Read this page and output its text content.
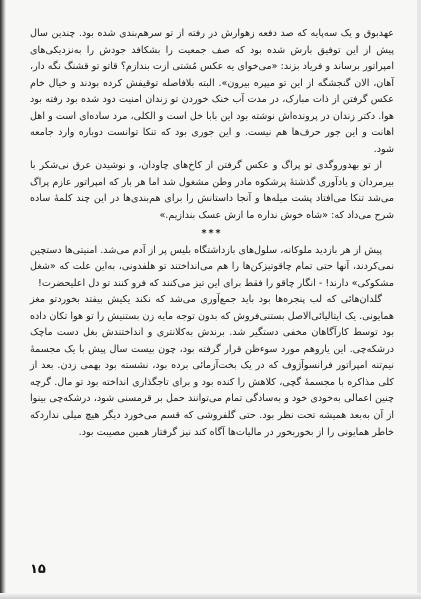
عهدبوق و یک سه‌پایه که صد دفعه زهوارش در رفته از تو سرهم‌بندی شده بود. چندین سال پیش از این توفیق بارش شده بود که صف جمعیت را بشکافد جودش را به‌نزدیکی‌های امپراتور برساند و فریاد بزند: «می‌خوای یه عکس مُشتی ازت بندازم؟ قاتو تو قشنگ نگه دار، آهان، الان گنجشگه از این تو میپره بیرون». البته بلافاصله توقیفش کرده بودند و خیال خام عکس گرفتن از ذات مبارک، در مدت آب خنک خوردن تو زندان امنیت دود شده بود رفته بود هوا. دکتر زندان در پرونده‌اش نوشته بود این بابا خل است و الکلی، مرد ساده‌ای است و اهل اهانت و این جور حرف‌ها هم نیست. و این جوری بود که تنکا توانست دوباره وارد جامعه شود.

از تو بهدوروگدی تو پراگ و عکس گرفتن از کاخ‌های چاودان، و نوشیدن عرق نی‌شکر با بیرمردان و یادآوری گذشتهٔ پرشکوه مادر وطن مشغول شد اما هر بار که امپراتور عازم پراگ می‌شد تنکا می‌افتاد پشت میله‌ها و آنجا داستانش را برای هم‌بندی‌ها در این چند کلمهٔ ساده شرح می‌داد که: «شاه خوش نداره ما ازش عسک بندازیم.»

***

پیش از هر بازدید ملوکانه، سلول‌های بازداشتگاه بلیس پر از آدم می‌شد. امنیتی‌ها دستچین نمی‌کردند، آنها حتی تمام چاقوتیزکن‌ها را هم می‌انداختند تو هلفدونی، به‌این علت که «شغل مشکوکی» دارند! - انگار چاقو را فقط برای این تیز می‌کنند که فرو کنند تو دل اعلیحضرت!

گلدان‌هائی که لب پنجره‌ها بود باید جمع‌آوری می‌شد که نکند یکیش بیفتد بخوردتو مغز همایونی. یک ایتالیائی‌الاصل بستنی‌فروش که بدون توجه مایه زن بستنیش را تو هوا تکان داده بود توسط کارآگاهان مخفی دستگیر شد. برندش به‌کلانتری و انداختندش بغل دست ماچک درشکه‌چی. این یاروهم مورد سوءظن قرار گرفته بود، چون بیست سال پیش با یک مجسمهٔ نیم‌تنه امپراتور فرانسوآژوف که در یک بخت‌آزمائی برده بود، نشسته بود بهمی زدن. بعد از کلی مذاکره با مجسمهٔ گچی، کلاهش را کنده بود و برای تاجگذاری انداخته بود تو مال. گرچه چنین اعمالی به‌خودی خود و به‌سادگی تمام می‌توانند حمل بر قرمسنی شود، درشکه‌چی بینوا از آن به‌بعد همیشه تحت نظر بود. حتی گلفروشی که قسم می‌خورد دیگر هیچ میلی نداردکه خاطر همایونی را از بخوربخور در مالیات‌ها آگاه کند نیز گرفتار همین مصیبت بود.

۱۵
